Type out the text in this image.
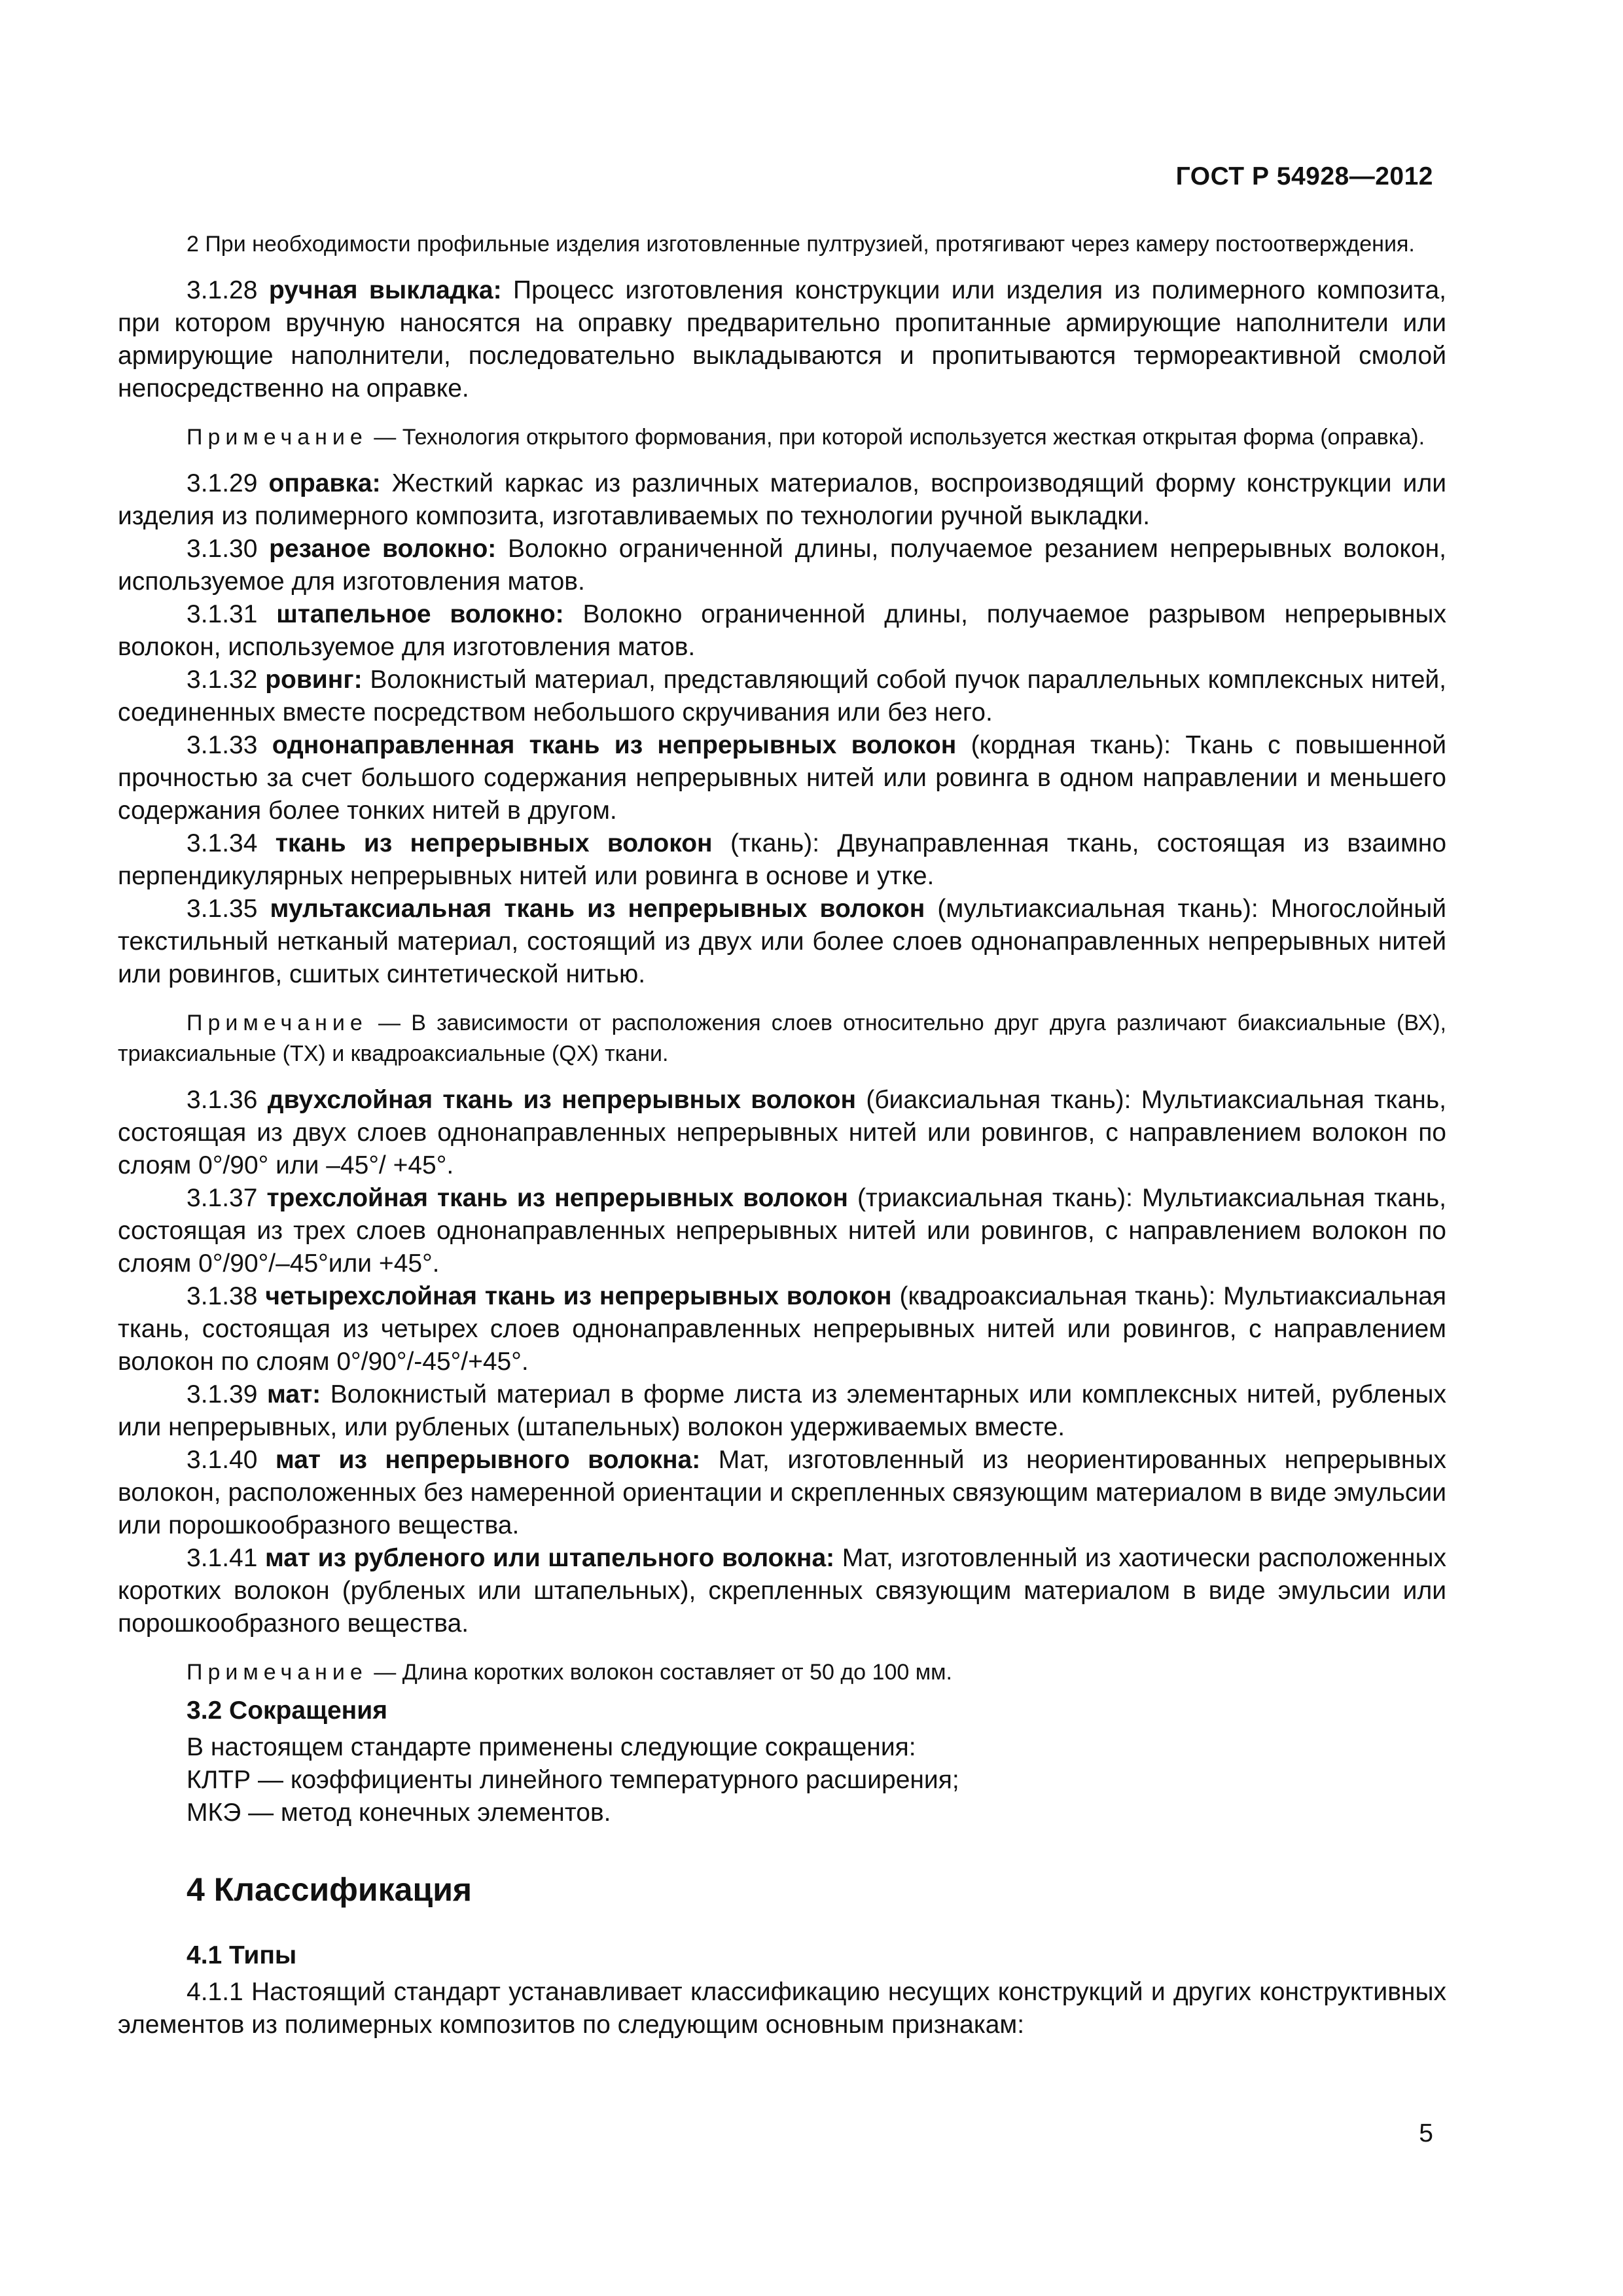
ГОСТ Р 54928—2012

2 При необходимости профильные изделия изготовленные пултрузией, протягивают через камеру постоотверждения.

3.1.28 ручная выкладка: Процесс изготовления конструкции или изделия из полимерного композита, при котором вручную наносятся на оправку предварительно пропитанные армирующие наполнители или армирующие наполнители, последовательно выкладываются и пропитываются термореактивной смолой непосредственно на оправке.

Примечание — Технология открытого формования, при которой используется жесткая открытая форма (оправка).

3.1.29 оправка: Жесткий каркас из различных материалов, воспроизводящий форму конструкции или изделия из полимерного композита, изготавливаемых по технологии ручной выкладки.

3.1.30 резаное волокно: Волокно ограниченной длины, получаемое резанием непрерывных волокон, используемое для изготовления матов.

3.1.31 штапельное волокно: Волокно ограниченной длины, получаемое разрывом непрерывных волокон, используемое для изготовления матов.

3.1.32 ровинг: Волокнистый материал, представляющий собой пучок параллельных комплексных нитей, соединенных вместе посредством небольшого скручивания или без него.

3.1.33 однонаправленная ткань из непрерывных волокон (кордная ткань): Ткань с повышенной прочностью за счет большого содержания непрерывных нитей или ровинга в одном направлении и меньшего содержания более тонких нитей в другом.

3.1.34 ткань из непрерывных волокон (ткань): Двунаправленная ткань, состоящая из взаимно перпендикулярных непрерывных нитей или ровинга в основе и утке.

3.1.35 мультаксиальная ткань из непрерывных волокон (мультиаксиальная ткань): Многослойный текстильный нетканый материал, состоящий из двух или более слоев однонаправленных непрерывных нитей или ровингов, сшитых синтетической нитью.

Примечание — В зависимости от расположения слоев относительно друг друга различают биаксиальные (ВХ), триаксиальные (ТХ) и квадроаксиальные (QХ) ткани.

3.1.36 двухслойная ткань из непрерывных волокон (биаксиальная ткань): Мультиаксиальная ткань, состоящая из двух слоев однонаправленных непрерывных нитей или ровингов, с направлением волокон по слоям 0°/90° или –45°/ +45°.

3.1.37 трехслойная ткань из непрерывных волокон (триаксиальная ткань): Мультиаксиальная ткань, состоящая из трех слоев однонаправленных непрерывных нитей или ровингов, с направлением волокон по слоям 0°/90°/–45°или +45°.

3.1.38 четырехслойная ткань из непрерывных волокон (квадроаксиальная ткань): Мультиаксиальная ткань, состоящая из четырех слоев однонаправленных непрерывных нитей или ровингов, с направлением волокон по слоям 0°/90°/-45°/+45°.

3.1.39 мат: Волокнистый материал в форме листа из элементарных или комплексных нитей, рубленых или непрерывных, или рубленых (штапельных) волокон удерживаемых вместе.

3.1.40 мат из непрерывного волокна: Мат, изготовленный из неориентированных непрерывных волокон, расположенных без намеренной ориентации и скрепленных связующим материалом в виде эмульсии или порошкообразного вещества.

3.1.41 мат из рубленого или штапельного волокна: Мат, изготовленный из хаотически расположенных коротких волокон (рубленых или штапельных), скрепленных связующим материалом в виде эмульсии или порошкообразного вещества.

Примечание — Длина коротких волокон составляет от 50 до 100 мм.

3.2 Сокращения

В настоящем стандарте применены следующие сокращения:

КЛТР — коэффициенты линейного температурного расширения;

МКЭ — метод конечных элементов.

4 Классификация
4.1 Типы

4.1.1 Настоящий стандарт устанавливает классификацию несущих конструкций и других конструктивных элементов из полимерных композитов по следующим основным признакам:

5
